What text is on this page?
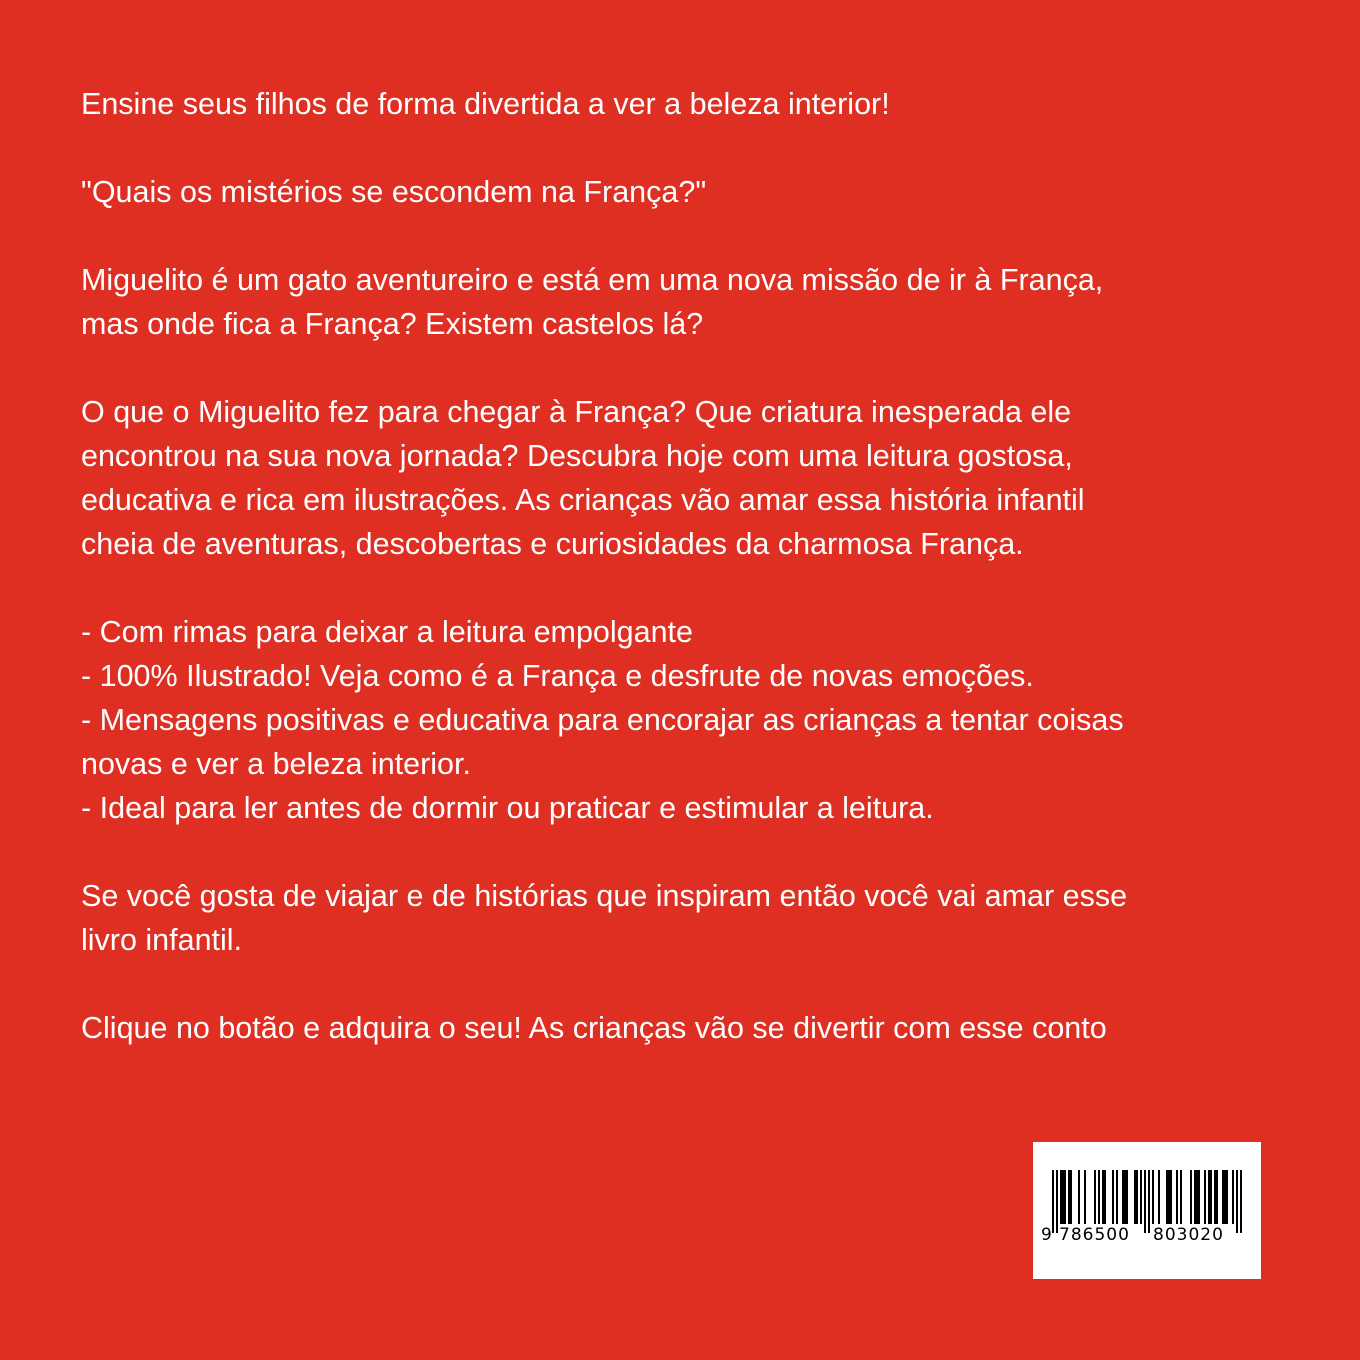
Ensine seus filhos de forma divertida a ver a beleza interior!

"Quais os mistérios se escondem na França?"

Miguelito é um gato aventureiro e está em uma nova missão de ir à França,

mas onde fica a França? Existem castelos lá?

O que o Miguelito fez para chegar à França? Que criatura inesperada ele

encontrou na sua nova jornada? Descubra hoje com uma leitura gostosa,

educativa e rica em ilustrações. As crianças vão amar essa história infantil

cheia de aventuras, descobertas e curiosidades da charmosa França.

- Com rimas para deixar a leitura empolgante

- 100% Ilustrado! Veja como é a França e desfrute de novas emoções.

- Mensagens positivas e educativa para encorajar as crianças a tentar coisas

novas e ver a beleza interior.

- Ideal para ler antes de dormir ou praticar e estimular a leitura.

Se você gosta de viajar e de histórias que inspiram então você vai amar esse

livro infantil.

Clique no botão e adquira o seu! As crianças vão se divertir com esse conto

9 786500 803020
